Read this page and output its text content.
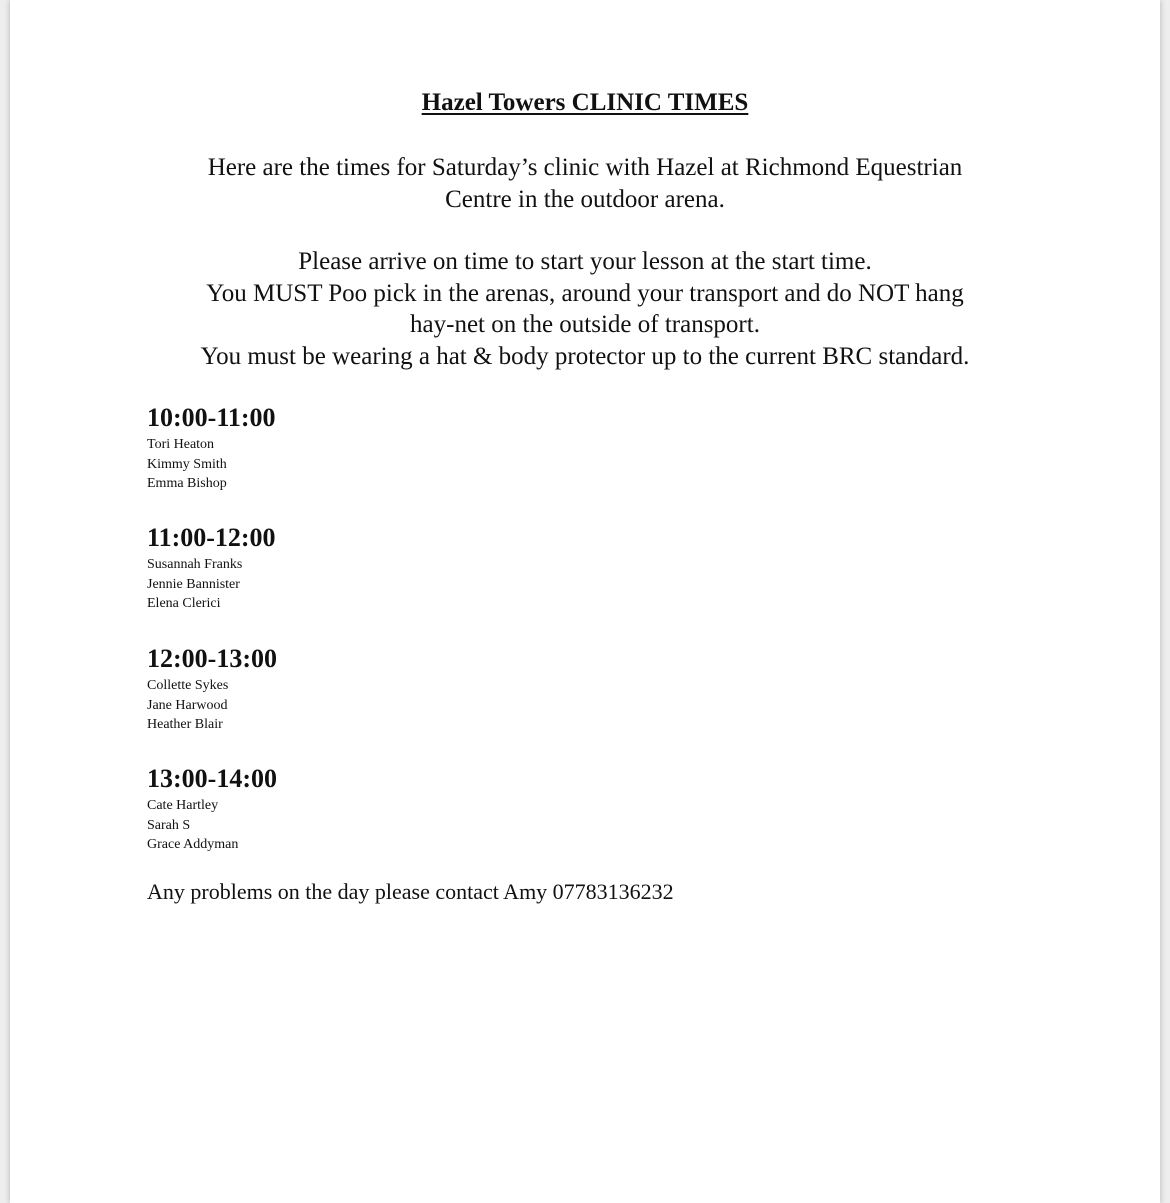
Hazel Towers CLINIC TIMES

Here are the times for Saturday’s clinic with Hazel at Richmond Equestrian
Centre in the outdoor arena.

Please arrive on time to start your lesson at the start time.
You MUST Poo pick in the arenas, around your transport and do NOT hang
hay-net on the outside of transport.
You must be wearing a hat & body protector up to the current BRC standard.

10:00-11:00
Tori Heaton
Kimmy Smith
Emma Bishop
11:00-12:00
Susannah Franks
Jennie Bannister
Elena Clerici
12:00-13:00
Collette Sykes
Jane Harwood
Heather Blair
13:00-14:00
Cate Hartley
Sarah S
Grace Addyman

Any problems on the day please contact Amy 07783136232
